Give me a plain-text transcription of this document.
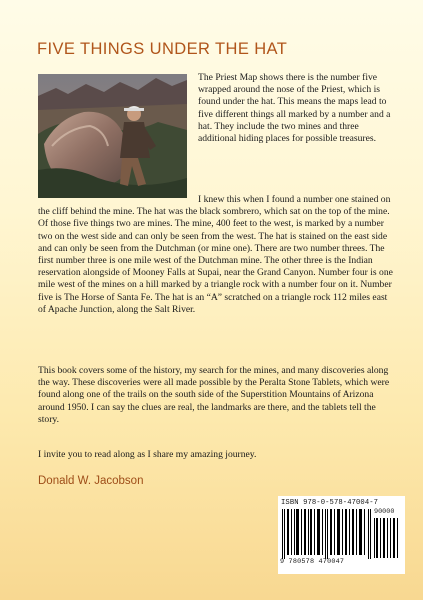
FIVE THINGS UNDER THE HAT

The Priest Map shows there is the number five wrapped around the nose of the Priest, which is found under the hat. This means the maps lead to five different things all marked by a number and a hat. They include the two mines and three additional hiding places for possible treasures.

I knew this when I found a number one stained on the cliff behind the mine. The hat was the black sombrero, which sat on the top of the mine. Of those five things two are mines. The mine, 400 feet to the west, is marked by a number two on the west side and can only be seen from the west. The hat is stained on the east side and can only be seen from the Dutchman (or mine one). There are two number threes. The first number three is one mile west of the Dutchman mine. The other three is the Indian reservation alongside of Mooney Falls at Supai, near the Grand Canyon. Number four is one mile west of the mines on a hill marked by a triangle rock with a number four on it. Number five is The Horse of Santa Fe. The hat is an “A” scratched on a triangle rock 112 miles east of Apache Junction, along the Salt River.

This book covers some of the history, my search for the mines, and many discoveries along the way. These discoveries were all made possible by the Peralta Stone Tablets, which were found along one of the trails on the south side of the Superstition Mountains of Arizona around 1950. I can say the clues are real, the landmarks are there, and the tablets tell the story.

I invite you to read along as I share my amazing journey.

Donald W. Jacobson
ISBN 978-0-578-47004-7
90000
9 780578 470047
